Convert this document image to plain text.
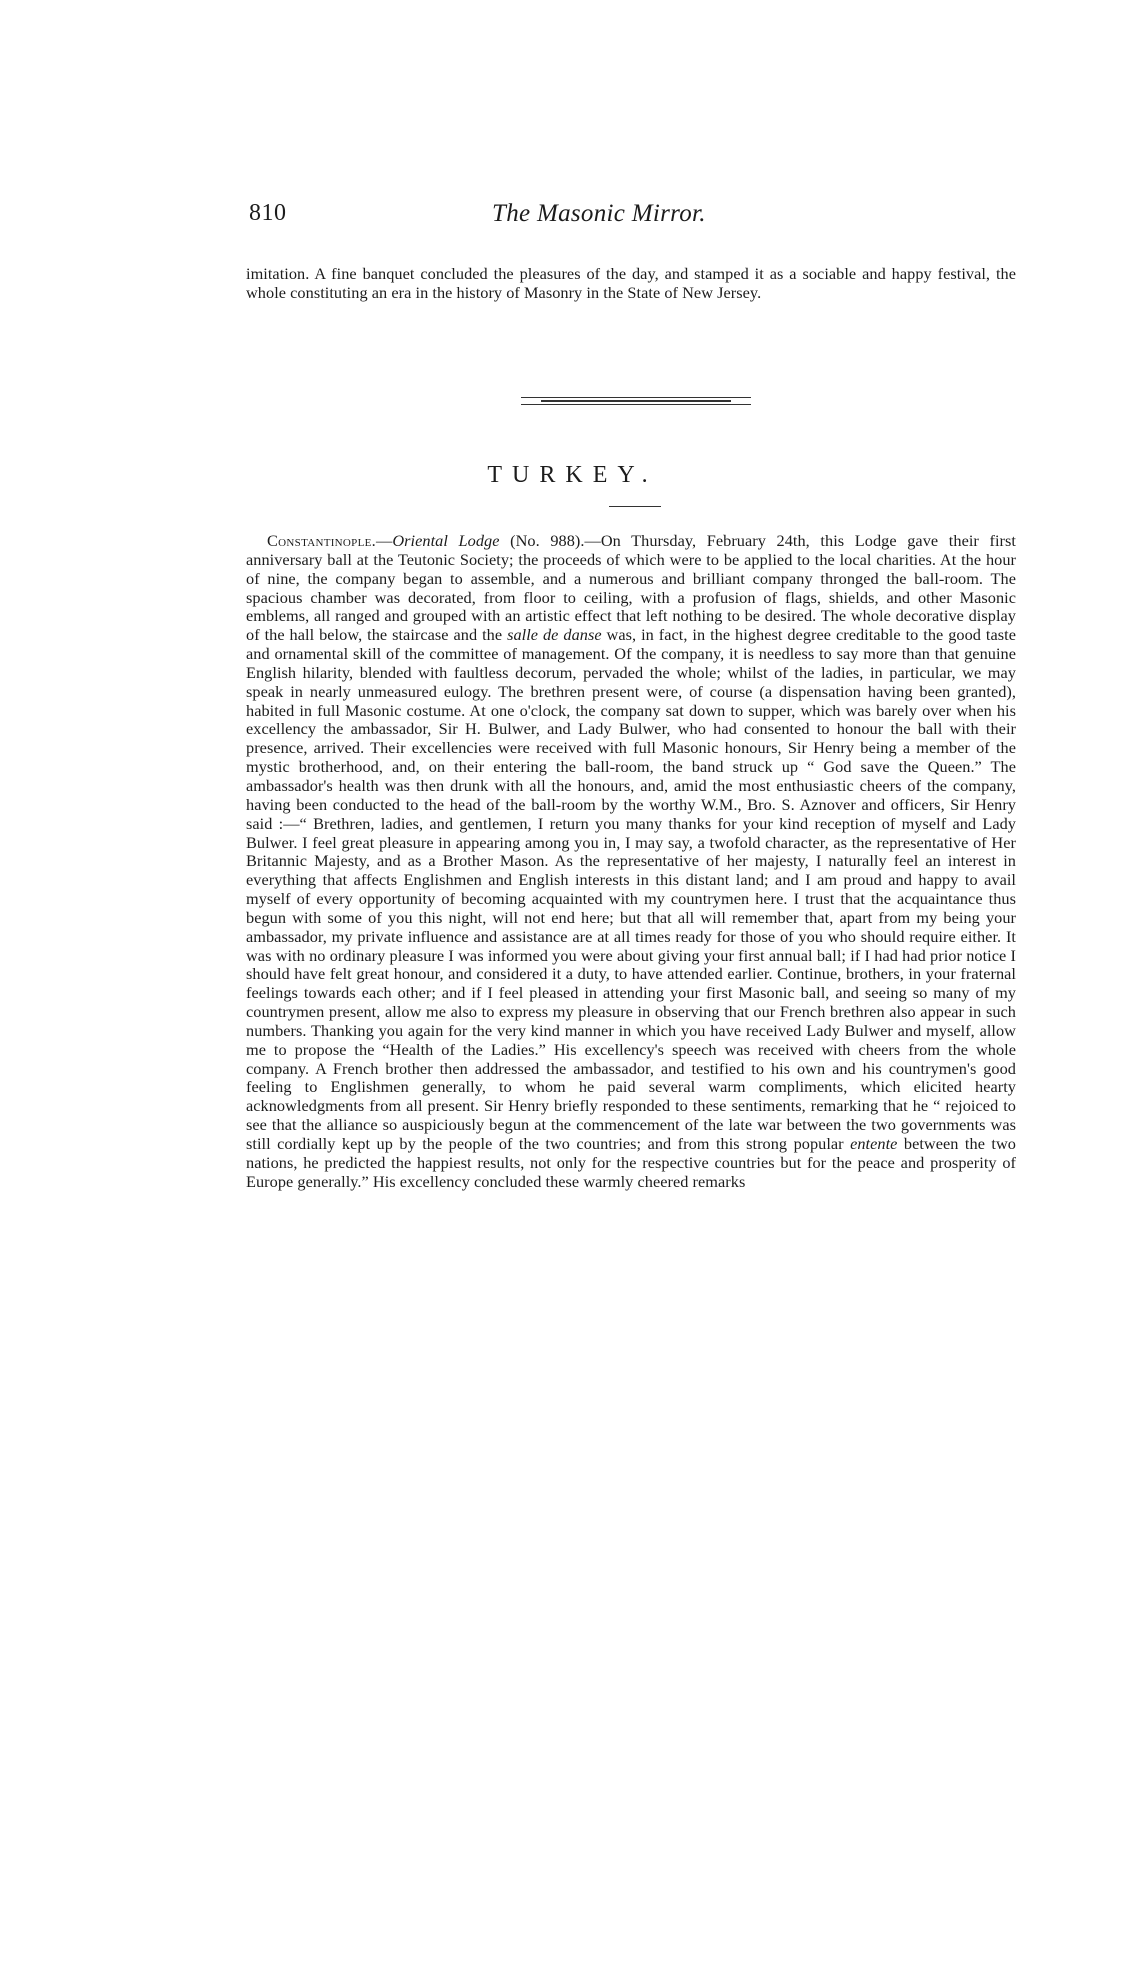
810	The Masonic Mirror.
imitation. A fine banquet concluded the pleasures of the day, and stamped it as a sociable and happy festival, the whole constituting an era in the history of Masonry in the State of New Jersey.
TURKEY.

Constantinople.—Oriental Lodge (No. 988).—On Thursday, February 24th, this Lodge gave their first anniversary ball at the Teutonic Society; the proceeds of which were to be applied to the local charities. At the hour of nine, the company began to assemble, and a numerous and brilliant company thronged the ball-room. The spacious chamber was decorated, from floor to ceiling, with a profusion of flags, shields, and other Masonic emblems, all ranged and grouped with an artistic effect that left nothing to be desired. The whole decorative display of the hall below, the staircase and the salle de danse was, in fact, in the highest degree creditable to the good taste and ornamental skill of the committee of management. Of the company, it is needless to say more than that genuine English hilarity, blended with faultless decorum, pervaded the whole; whilst of the ladies, in particular, we may speak in nearly unmeasured eulogy. The brethren present were, of course (a dispensation having been granted), habited in full Masonic costume. At one o'clock, the company sat down to supper, which was barely over when his excellency the ambassador, Sir H. Bulwer, and Lady Bulwer, who had consented to honour the ball with their presence, arrived. Their excellencies were received with full Masonic honours, Sir Henry being a member of the mystic brotherhood, and, on their entering the ball-room, the band struck up “ God save the Queen.” The ambassador's health was then drunk with all the honours, and, amid the most enthusiastic cheers of the company, having been conducted to the head of the ball-room by the worthy W.M., Bro. S. Aznover and officers, Sir Henry said :—“ Brethren, ladies, and gentlemen, I return you many thanks for your kind reception of myself and Lady Bulwer. I feel great pleasure in appearing among you in, I may say, a twofold character, as the representative of Her Britannic Majesty, and as a Brother Mason. As the representative of her majesty, I naturally feel an interest in everything that affects Englishmen and English interests in this distant land; and I am proud and happy to avail myself of every opportunity of becoming acquainted with my countrymen here. I trust that the acquaintance thus begun with some of you this night, will not end here; but that all will remember that, apart from my being your ambassador, my private influence and assistance are at all times ready for those of you who should require either. It was with no ordinary pleasure I was informed you were about giving your first annual ball; if I had had prior notice I should have felt great honour, and considered it a duty, to have attended earlier. Continue, brothers, in your fraternal feelings towards each other; and if I feel pleased in attending your first Masonic ball, and seeing so many of my countrymen present, allow me also to express my pleasure in observing that our French brethren also appear in such numbers. Thanking you again for the very kind manner in which you have received Lady Bulwer and myself, allow me to propose the “Health of the Ladies.” His excellency's speech was received with cheers from the whole company. A French brother then addressed the ambassador, and testified to his own and his countrymen's good feeling to Englishmen generally, to whom he paid several warm compliments, which elicited hearty acknowledgments from all present. Sir Henry briefly responded to these sentiments, remarking that he “ rejoiced to see that the alliance so auspiciously begun at the commencement of the late war between the two governments was still cordially kept up by the people of the two countries; and from this strong popular entente between the two nations, he predicted the happiest results, not only for the respective countries but for the peace and prosperity of Europe generally.” His excellency concluded these warmly cheered remarks
